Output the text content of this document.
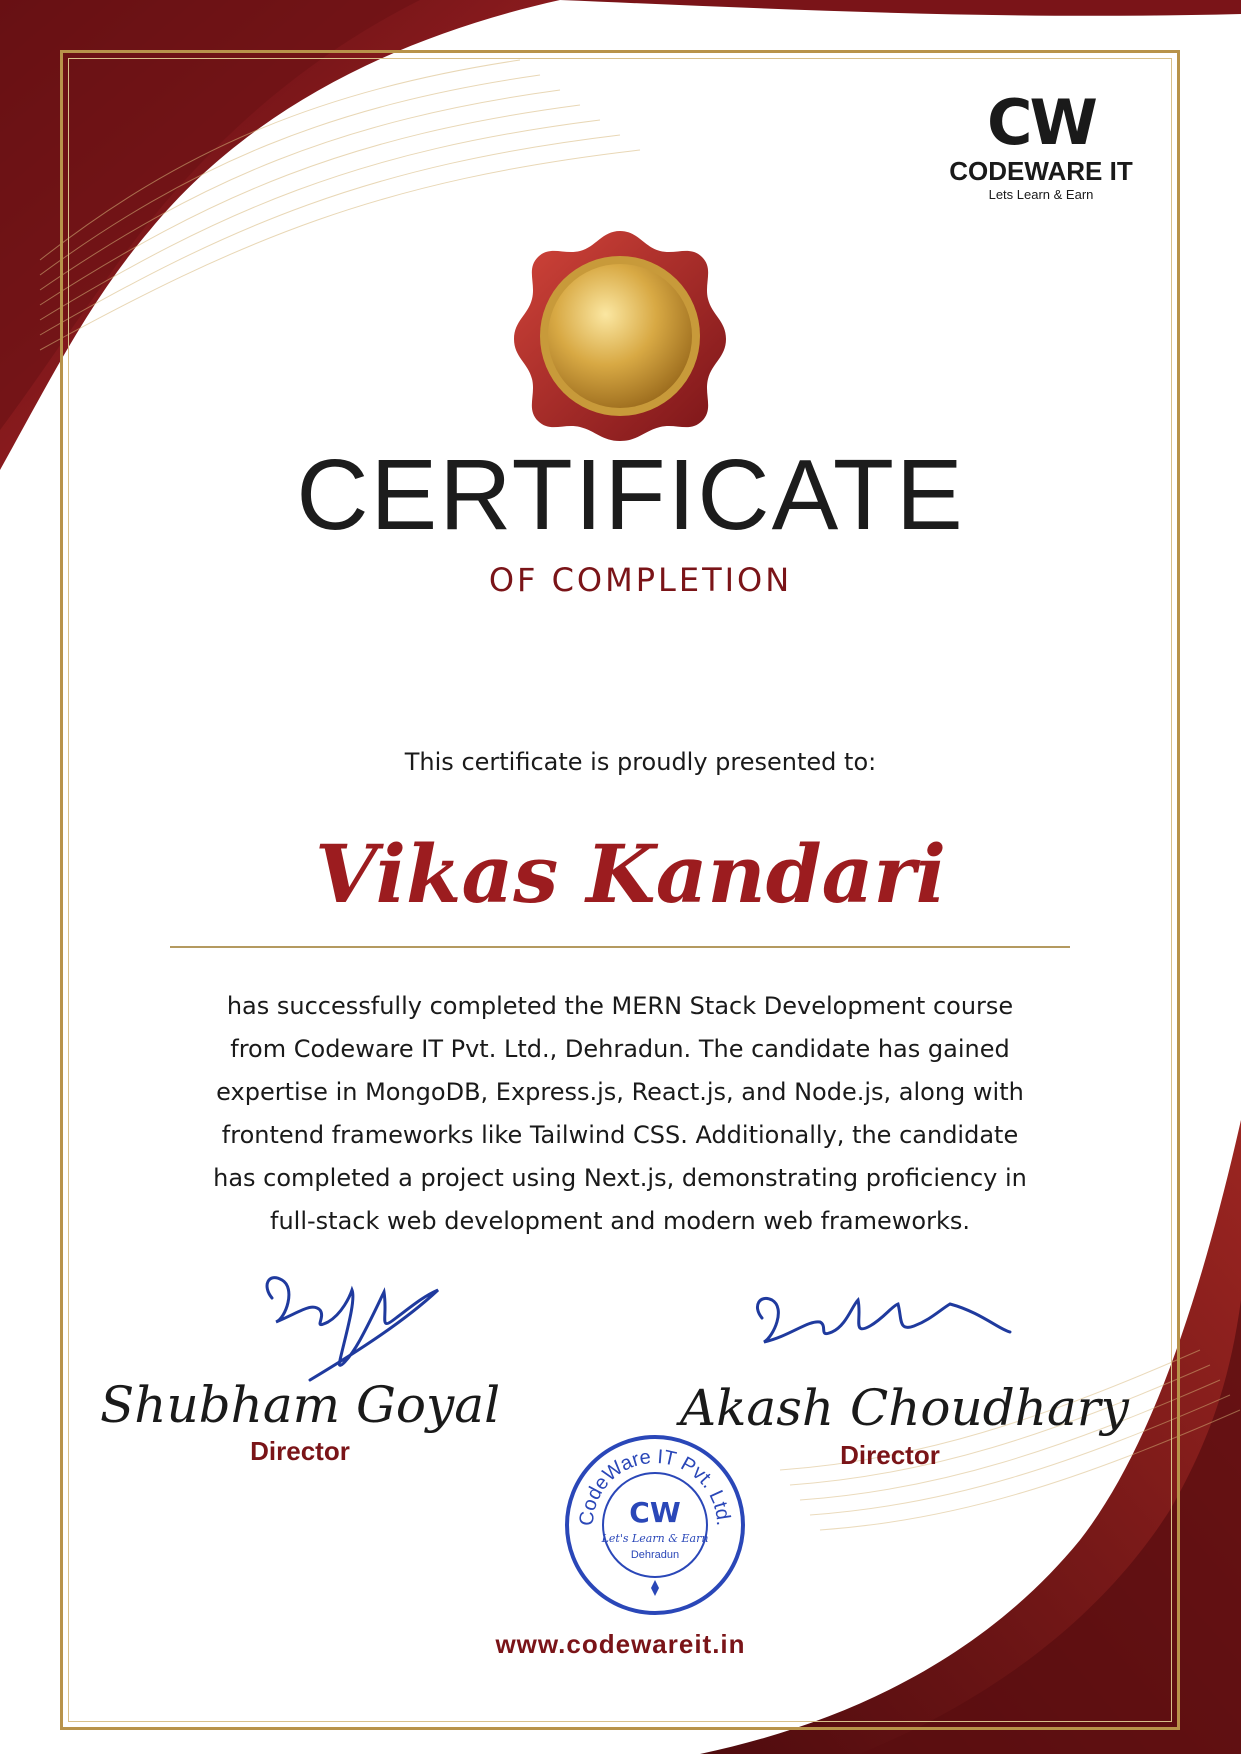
CW
CODEWARE IT
Lets Learn & Earn
CERTIFICATE
OF COMPLETION
This certificate is proudly presented to:
Vikas Kandari
has successfully completed the MERN Stack Development course
from Codeware IT Pvt. Ltd., Dehradun. The candidate has gained
expertise in MongoDB, Express.js, React.js, and Node.js, along with
frontend frameworks like Tailwind CSS. Additionally, the candidate
has completed a project using Next.js, demonstrating proficiency in
full-stack web development and modern web frameworks.
Shubham Goyal
Director
Akash Choudhary
Director
CodeWare IT Pvt. Ltd.
CW
Let's Learn & Earn
Dehradun
www.codewareit.in
